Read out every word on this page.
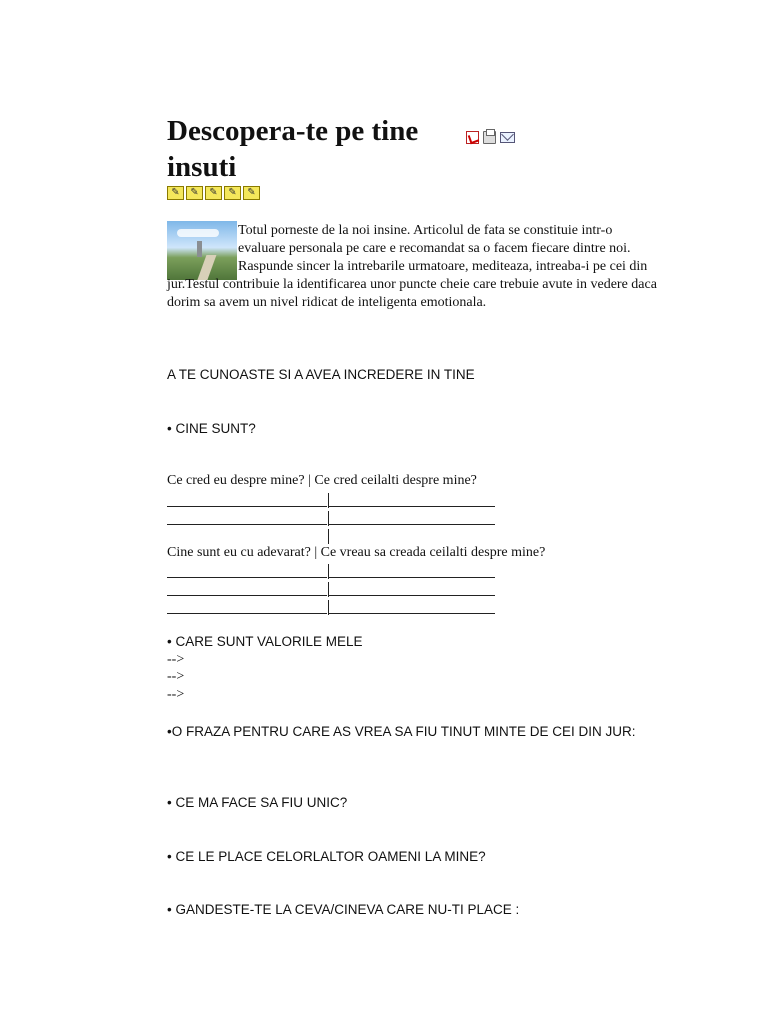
Descopera-te pe tine
insuti
✎	✎	✎	✎	✎

Totul porneste de la noi insine. Articolul de fata se constituie intr-o evaluare personala pe care e recomandat sa o facem fiecare dintre noi. Raspunde sincer la intrebarile urmatoare, mediteaza, intreaba-i pe cei din jur.Testul contribuie la identificarea unor puncte cheie care trebuie avute in vedere daca dorim sa avem un nivel ridicat de inteligenta emotionala.

A TE CUNOASTE SI A AVEA INCREDERE IN TINE

• CINE SUNT?

Ce cred eu despre mine? | Ce cred ceilalti despre mine?

Cine sunt eu cu adevarat? | Ce vreau sa creada ceilalti despre mine?

• CARE SUNT VALORILE MELE

-->

-->

-->

•O FRAZA PENTRU CARE AS VREA SA FIU TINUT MINTE DE CEI DIN JUR:

• CE MA FACE SA FIU UNIC?

• CE LE PLACE CELORLALTOR OAMENI LA MINE?

• GANDESTE-TE LA CEVA/CINEVA CARE NU-TI PLACE :
